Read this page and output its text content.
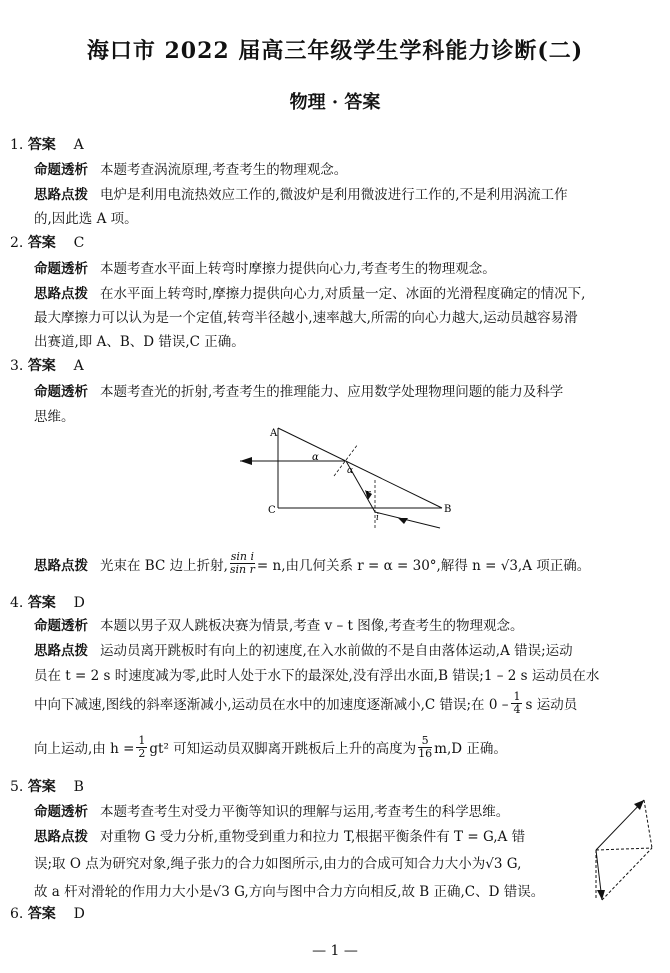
海口市 2022 届高三年级学生学科能力诊断(二)
物理 · 答案
1. 答案 A
命题透析 本题考查涡流原理,考查考生的物理观念。
思路点拨 电炉是利用电流热效应工作的,微波炉是利用微波进行工作的,不是利用涡流工作
的,因此选 A 项。
2. 答案 C
命题透析 本题考查水平面上转弯时摩擦力提供向心力,考查考生的物理观念。
思路点拨 在水平面上转弯时,摩擦力提供向心力,对质量一定、冰面的光滑程度确定的情况下,
最大摩擦力可以认为是一个定值,转弯半径越小,速率越大,所需的向心力越大,运动员越容易滑
出赛道,即 A、B、D 错误,C 正确。
3. 答案 A
命题透析 本题考查光的折射,考查考生的推理能力、应用数学处理物理问题的能力及科学
思维。
A
B
C
α
α
r
i
思路点拨 光束在 BC 边上折射, $\frac{\text{sin i}}{\text{sin r}} = n$,由几何关系 r = α = 30°,解得 n = √3,A 项正确。
4. 答案 D
命题透析 本题以男子双人跳板决赛为情景,考查 v – t 图像,考查考生的物理观念。
思路点拨 运动员离开跳板时有向上的初速度,在入水前做的不是自由落体运动,A 错误;运动
员在 t = 2 s 时速度减为零,此时人处于水下的最深处,没有浮出水面,B 错误;1 – 2 s 运动员在水
中向下减速,图线的斜率逐渐减小,运动员在水中的加速度逐渐减小,C 错误;在 $0 - \frac{1}{4}$ s 运动员
向上运动,由 $h = \frac{1}{2} gt^2$ 可知运动员双脚离开跳板后上升的高度为 $\frac{5}{16} m,D$ 正确。
5. 答案 B
命题透析 本题考查考生对受力平衡等知识的理解与运用,考查考生的科学思维。
思路点拨 对重物 G 受力分析,重物受到重力和拉力 T,根据平衡条件有 T = G,A 错
误;取 O 点为研究对象,绳子张力的合力如图所示,由力的合成可知合力大小为√3 G,
故 a 杆对滑轮的作用力大小是√3 G,方向与图中合力方向相反,故 B 正确,C、D 错误。
6. 答案 D
— 1 —
